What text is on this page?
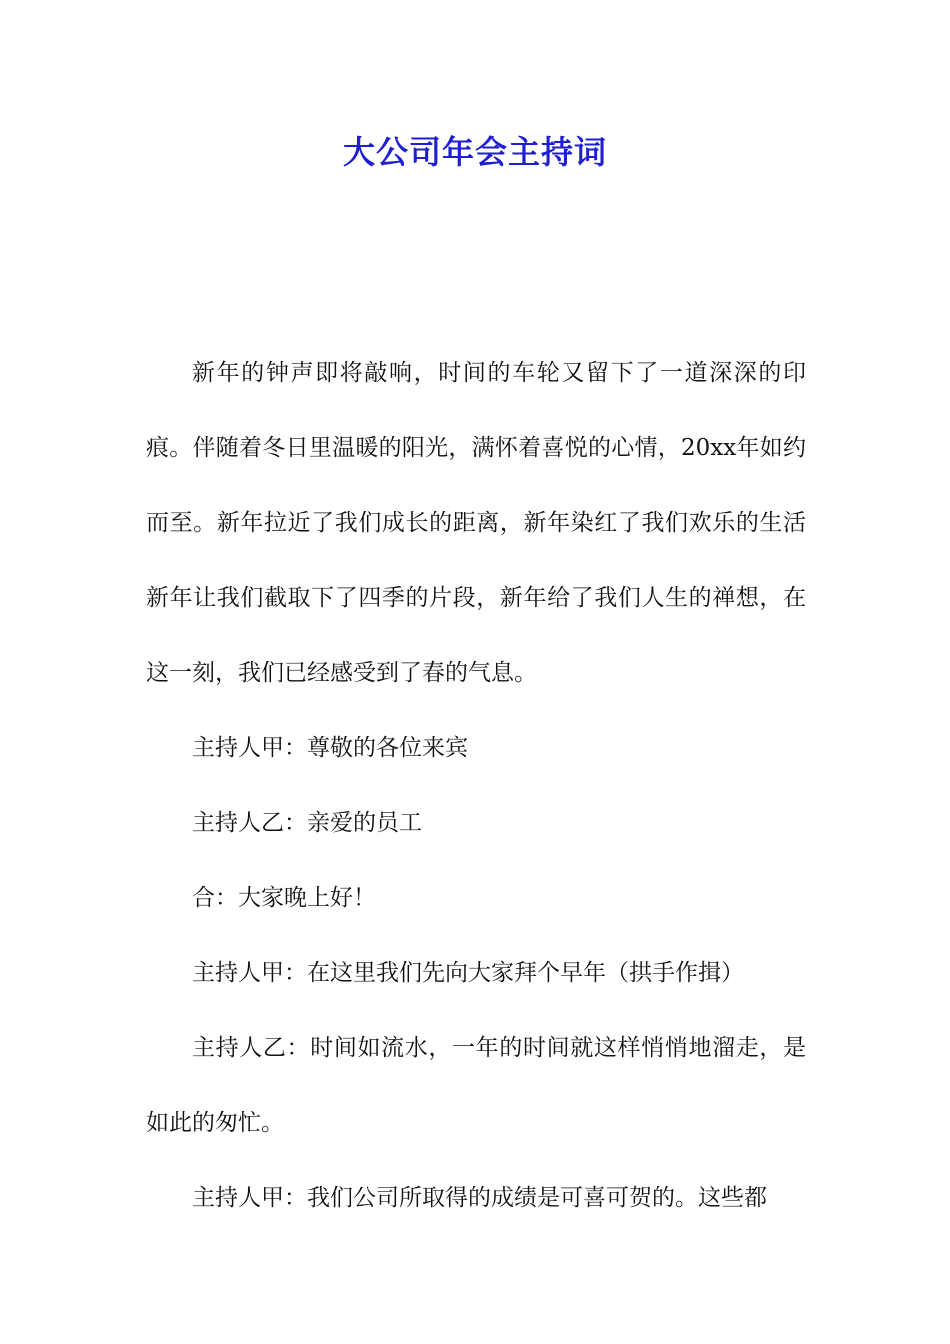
大公司年会主持词

新年的钟声即将敲响，时间的车轮又留下了一道深深的印痕。伴随着冬日里温暖的阳光，满怀着喜悦的心情，20xx年如约而至。新年拉近了我们成长的距离，新年染红了我们欢乐的生活新年让我们截取下了四季的片段，新年给了我们人生的禅想，在这一刻，我们已经感受到了春的气息。

主持人甲：尊敬的各位来宾

主持人乙：亲爱的员工

合：大家晚上好！

主持人甲：在这里我们先向大家拜个早年（拱手作揖）

主持人乙：时间如流水，一年的时间就这样悄悄地溜走，是如此的匆忙。

主持人甲：我们公司所取得的成绩是可喜可贺的。这些都
